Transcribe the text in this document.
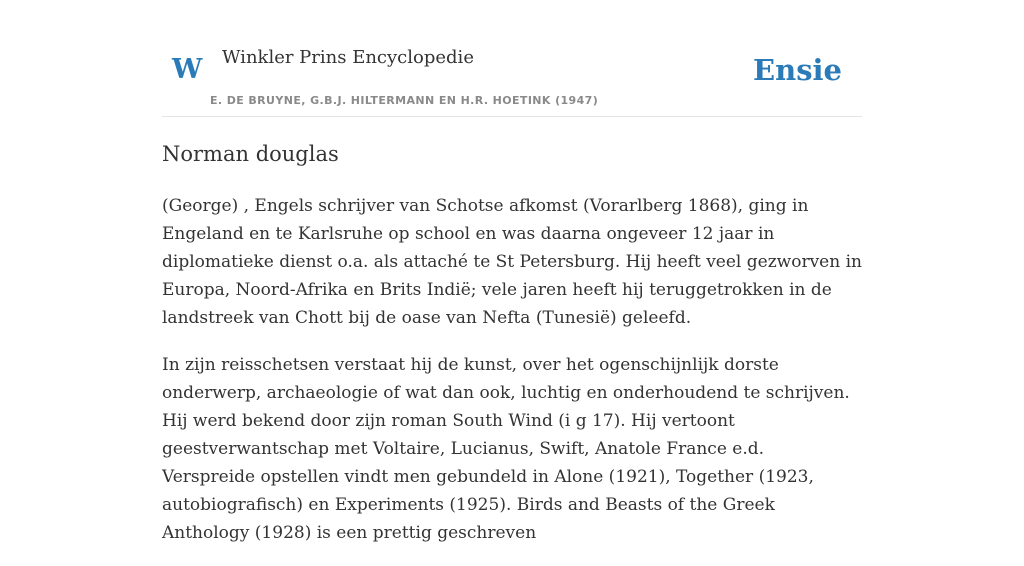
W Winkler Prins Encyclopedie
E. DE BRUYNE, G.B.J. HILTERMANN EN H.R. HOETINK (1947)
Ensie
Norman douglas

(George) , Engels schrijver van Schotse afkomst (Vorarlberg 1868), ging in Engeland en te Karlsruhe op school en was daarna ongeveer 12 jaar in diplomatieke dienst o.a. als attaché te St Petersburg. Hij heeft veel gezworven in Europa, Noord-Afrika en Brits Indië; vele jaren heeft hij teruggetrokken in de landstreek van Chott bij de oase van Nefta (Tunesië) geleefd.

In zijn reisschetsen verstaat hij de kunst, over het ogenschijnlijk dorste onderwerp, archaeologie of wat dan ook, luchtig en onderhoudend te schrijven. Hij werd bekend door zijn roman South Wind (i g 17). Hij vertoont geestverwantschap met Voltaire, Lucianus, Swift, Anatole France e.d. Verspreide opstellen vindt men gebundeld in Alone (1921), Together (1923, autobiografisch) en Experiments (1925). Birds and Beasts of the Greek Anthology (1928) is een prettig geschreven
